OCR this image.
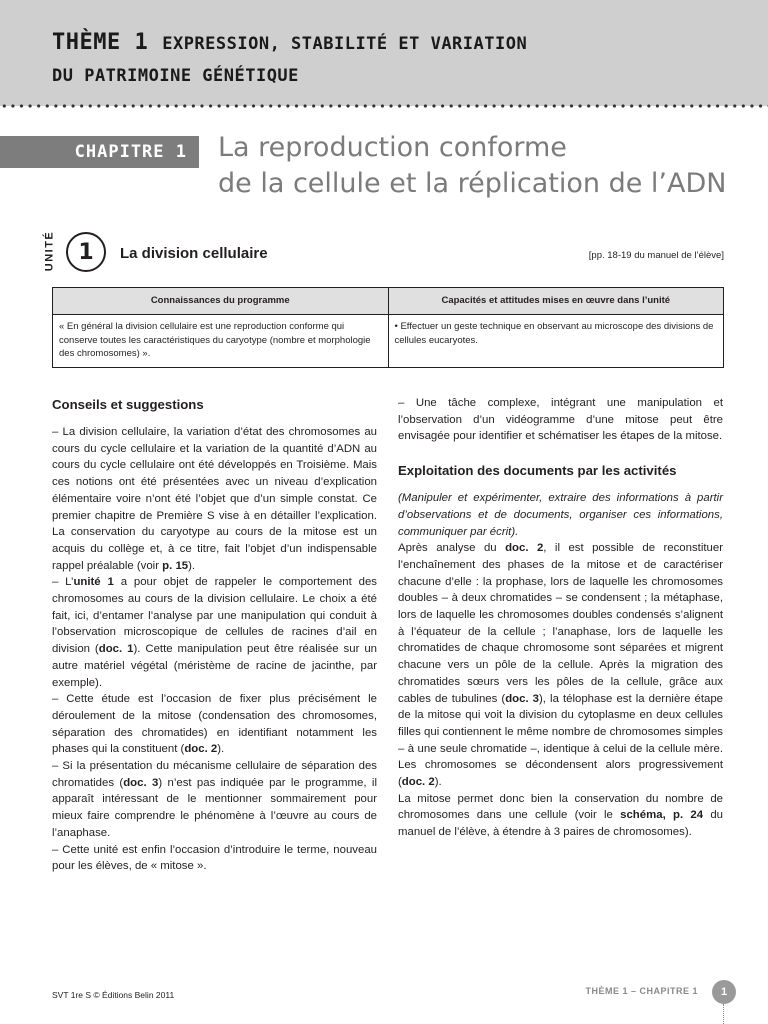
THÈME 1 EXPRESSION, STABILITÉ ET VARIATION
DU PATRIMOINE GÉNÉTIQUE
CHAPITRE 1	La reproduction conforme
de la cellule et la réplication de l’ADN
UNITÉ	1	La division cellulaire	[pp. 18-19 du manuel de l’élève]
Connaissances du programme	Capacités et attitudes mises en œuvre dans l’unité
« En général la division cellulaire est une reproduction conforme qui conserve toutes les caractéristiques du caryotype (nombre et morphologie des chromosomes) ».	• Effectuer un geste technique en observant au microscope des divisions de cellules eucaryotes.
Conseils et suggestions

– La division cellulaire, la variation d’état des chromosomes au cours du cycle cellulaire et la variation de la quantité d’ADN au cours du cycle cellulaire ont été développés en Troisième. Mais ces notions ont été présentées avec un niveau d’explication élémentaire voire n’ont été l’objet que d’un simple constat. Ce premier chapitre de Première S vise à en détailler l’explication. La conservation du caryotype au cours de la mitose est un acquis du collège et, à ce titre, fait l’objet d’un indispensable rappel préalable (voir p. 15).

– L’unité 1 a pour objet de rappeler le comportement des chromosomes au cours de la division cellulaire. Le choix a été fait, ici, d’entamer l’analyse par une manipulation qui conduit à l’observation microscopique de cellules de racines d’ail en division (doc. 1). Cette manipulation peut être réalisée sur un autre matériel végétal (méristème de racine de jacinthe, par exemple).

– Cette étude est l’occasion de fixer plus précisément le déroulement de la mitose (condensation des chromosomes, séparation des chromatides) en identifiant notamment les phases qui la constituent (doc. 2).

– Si la présentation du mécanisme cellulaire de séparation des chromatides (doc. 3) n’est pas indiquée par le programme, il apparaît intéressant de le mentionner sommairement pour mieux faire comprendre le phénomène à l’œuvre au cours de l’anaphase.

– Cette unité est enfin l’occasion d’introduire le terme, nouveau pour les élèves, de « mitose ».

– Une tâche complexe, intégrant une manipulation et l’observation d’un vidéogramme d’une mitose peut être envisagée pour identifier et schématiser les étapes de la mitose.

Exploitation des documents par les activités

(Manipuler et expérimenter, extraire des informations à partir d’observations et de documents, organiser ces informations, communiquer par écrit).

Après analyse du doc. 2, il est possible de reconstituer l’enchaînement des phases de la mitose et de caractériser chacune d’elle : la prophase, lors de laquelle les chromosomes doubles – à deux chromatides – se condensent ; la métaphase, lors de laquelle les chromosomes doubles condensés s’alignent à l’équateur de la cellule ; l’anaphase, lors de laquelle les chromatides de chaque chromosome sont séparées et migrent chacune vers un pôle de la cellule. Après la migration des chromatides sœurs vers les pôles de la cellule, grâce aux cables de tubulines (doc. 3), la télophase est la dernière étape de la mitose qui voit la division du cytoplasme en deux cellules filles qui contiennent le même nombre de chromosomes simples – à une seule chromatide –, identique à celui de la cellule mère. Les chromosomes se décondensent alors progressivement (doc. 2).

La mitose permet donc bien la conservation du nombre de chromosomes dans une cellule (voir le schéma, p. 24 du manuel de l’élève, à étendre à 3 paires de chromosomes).

SVT 1re S © Éditions Belin 2011	THÈME 1 – CHAPITRE 1	1
